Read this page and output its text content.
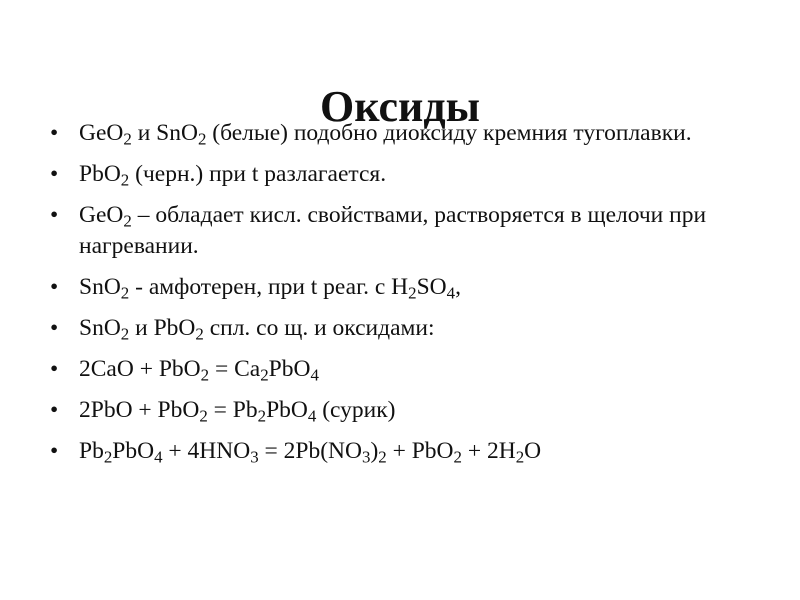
Оксиды
• GeO$_2$ и SnO$_2$ (белые) подобно диоксиду кремния тугоплавки.
• PbO$_2$ (черн.) при t разлагается.
• GeO$_2$ – обладает кисл. свойствами, растворяется в щелочи при нагревании.
• SnO$_2$ - амфотерен, при t реаг. с $H_2SO_4$,
• SnO$_2$ и PbO$_2$ спл. со щ. и оксидами:
• $2CaO + PbO_2 = Ca_2PbO_4$
• $2PbO + PbO_2 = Pb_2PbO_4$ (сурик)
• $Pb_2PbO_4 + 4HNO_3 = 2Pb(NO_3)_2 + PbO_2 + 2H_2O$
